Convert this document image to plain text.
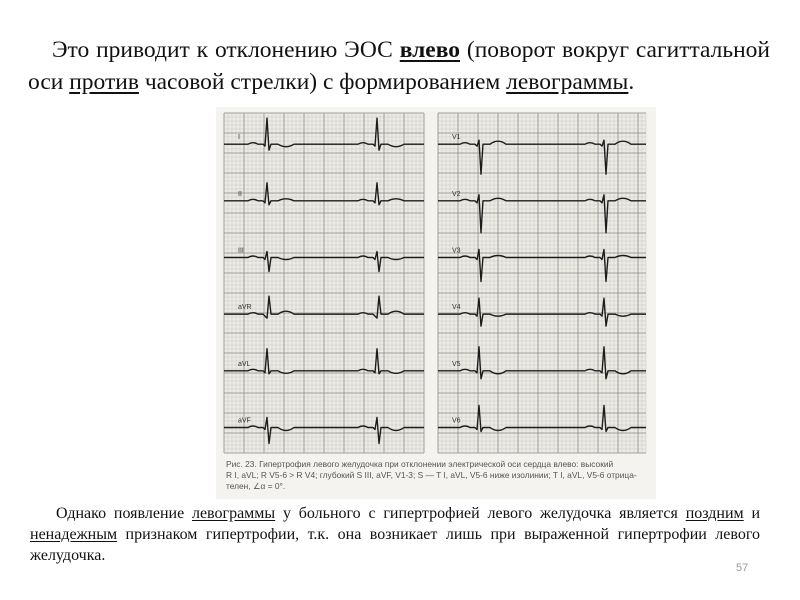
Это приводит к отклонению ЭОС влево (поворот вокруг сагиттальной оси против часовой стрелки) с формированием левограммы.

I
II
III
aVR
aVL
aVF
V1
V2
V3
V4
V5
V6
Рис. 23. Гипертрофия левого желудочка при отклонении электрической оси сердца влево: высокий
R I, aVL; R V5-6 > R V4; глубокий S III, aVF, V1-3; S — T I, aVL, V5-6 ниже изолинии; T I, aVL, V5-6 отрица-
телен, ∠α = 0°.

Однако появление левограммы у больного с гипертрофией левого желудочка является поздним и ненадежным признаком гипертрофии, т.к. она возникает лишь при выраженной гипертрофии левого желудочка.

57
